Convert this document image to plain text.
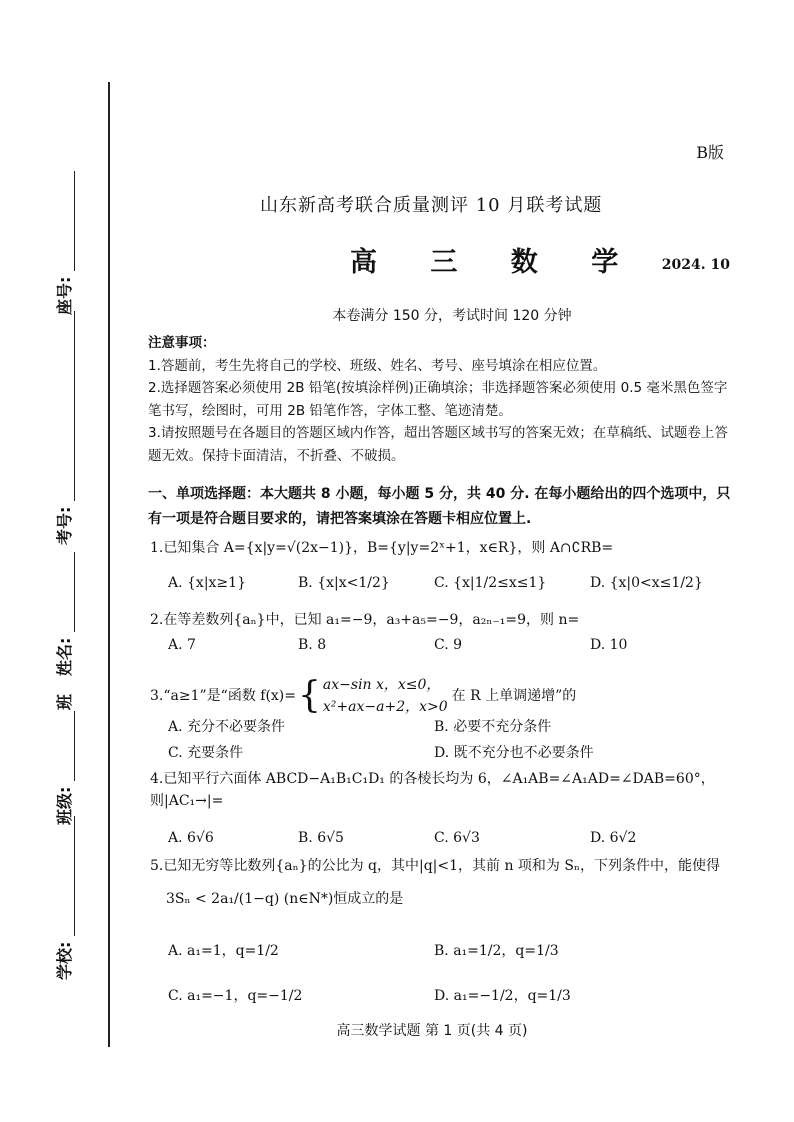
座号:
考号:
班
姓名:
班级:
学校:
B版
山东新高考联合质量测评 10 月联考试题
高 三 数 学 2024. 10
本卷满分 150 分，考试时间 120 分钟
注意事项：
1.答题前，考生先将自己的学校、班级、姓名、考号、座号填涂在相应位置。
2.选择题答案必须使用 2B 铅笔(按填涂样例)正确填涂；非选择题答案必须使用 0.5 毫米黑色签字笔书写，绘图时，可用 2B 铅笔作答，字体工整、笔迹清楚。
3.请按照题号在各题目的答题区域内作答，超出答题区域书写的答案无效；在草稿纸、试题卷上答题无效。保持卡面清洁，不折叠、不破损。
一、单项选择题：本大题共 8 小题，每小题 5 分，共 40 分. 在每小题给出的四个选项中，只有一项是符合题目要求的，请把答案填涂在答题卡相应位置上.
1.已知集合 A={x|y=√(2x−1)}，B={y|y=2ˣ+1，x∈R}，则 A∩∁RB=
A. {x|x≥1}	B. {x|x<1/2}	C. {x|1/2≤x≤1}	D. {x|0<x≤1/2}
2.在等差数列{aₙ}中，已知 a₁=−9，a₃+a₅=−9，a₂ₙ₋₁=9，则 n=
A. 7	B. 8	C. 9	D. 10
3.“a≥1”是“函数 f(x)= { ax−sin x，x≤0，
x²+ax−a+2，x>0
在 R 上单调递增”的
A. 充分不必要条件	B. 必要不充分条件
C. 充要条件	D. 既不充分也不必要条件
4.已知平行六面体 ABCD−A₁B₁C₁D₁ 的各棱长均为 6，∠A₁AB=∠A₁AD=∠DAB=60°，则|AC₁→|=
A. 6√6	B. 6√5	C. 6√3	D. 6√2
5.已知无穷等比数列{aₙ}的公比为 q，其中|q|<1，其前 n 项和为 Sₙ，下列条件中，能使得
3Sₙ < 2a₁/(1−q) (n∈N*)恒成立的是
A. a₁=1，q=1/2	B. a₁=1/2，q=1/3
C. a₁=−1，q=−1/2	D. a₁=−1/2，q=1/3
高三数学试题 第 1 页(共 4 页)
